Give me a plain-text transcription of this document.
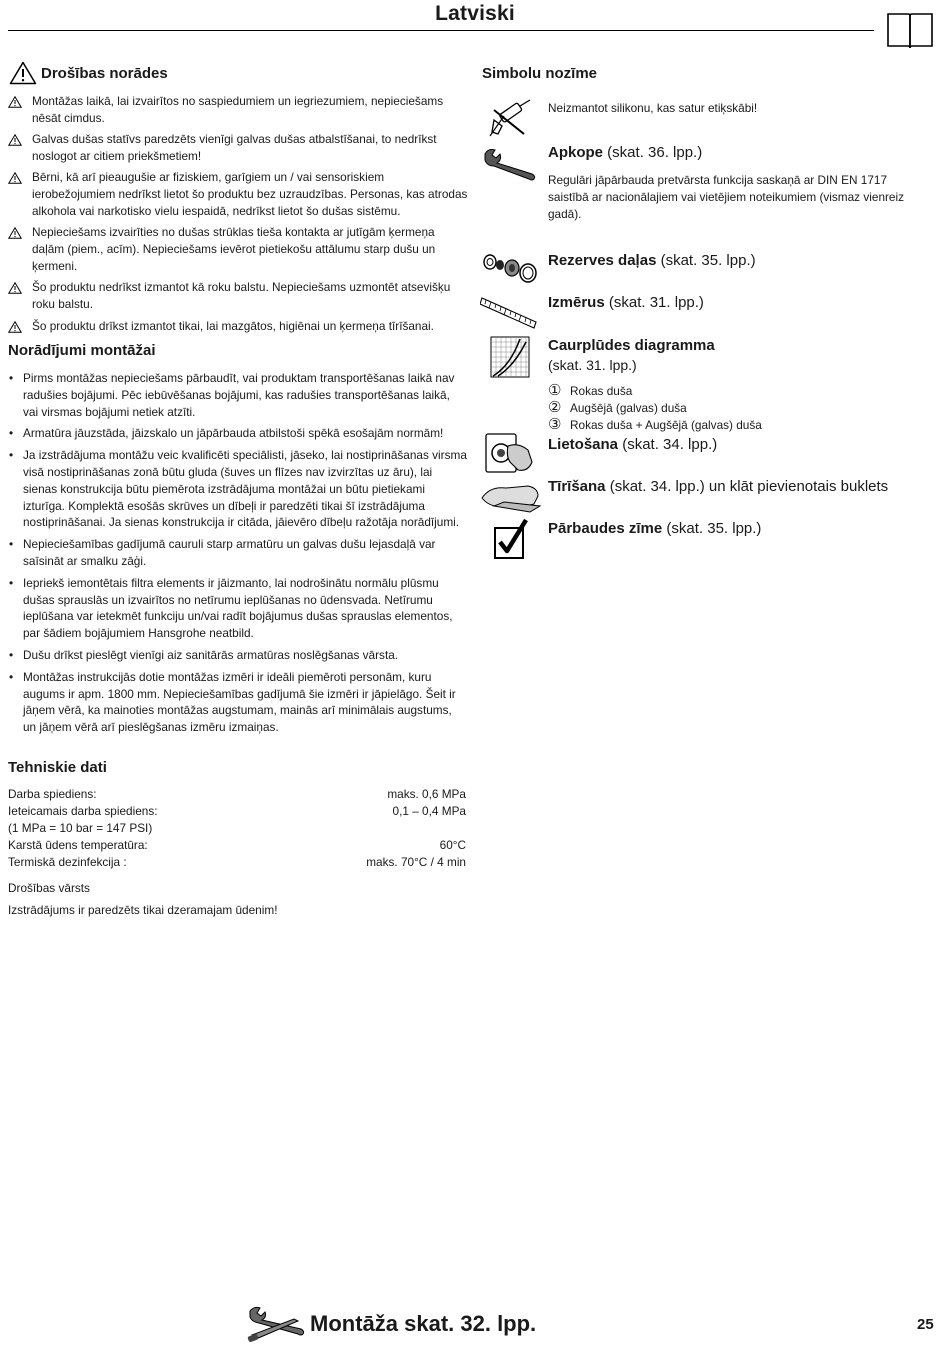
Latviski
Drošības norādes
Montāžas laikā, lai izvairītos no saspiedumiem un iegriezumiem, nepieciešams nēsāt cimdus.
Galvas dušas statīvs paredzēts vienīgi galvas dušas atbalstīšanai, to nedrīkst noslogot ar citiem priekšmetiem!
Bērni, kā arī pieaugušie ar fiziskiem, garīgiem un / vai sensoriskiem ierobežojumiem nedrīkst lietot šo produktu bez uzraudzības. Personas, kas atrodas alkohola vai narkotisko vielu iespaidā, nedrīkst lietot šo dušas sistēmu.
Nepieciešams izvairīties no dušas strūklas tieša kontakta ar jutīgām ķermeņa daļām (piem., acīm). Nepieciešams ievērot pietiekošu attālumu starp dušu un ķermeni.
Šo produktu nedrīkst izmantot kā roku balstu. Nepieciešams uzmontēt atsevišķu roku balstu.
Šo produktu drīkst izmantot tikai, lai mazgātos, higiēnai un ķermeņa tīrīšanai.
Norādījumi montāžai
• Pirms montāžas nepieciešams pārbaudīt, vai produktam transportēšanas laikā nav radušies bojājumi. Pēc iebūvēšanas bojājumi, kas radušies transportēšanas laikā, vai virsmas bojājumi netiek atzīti.
• Armatūra jāuzstāda, jāizskalo un jāpārbauda atbilstoši spēkā esošajām normām!
• Ja izstrādājuma montāžu veic kvalificēti speciālisti, jāseko, lai nostiprināšanas virsma visā nostiprināšanas zonā būtu gluda (šuves un flīzes nav izvirzītas uz āru), lai sienas konstrukcija būtu piemērota izstrādājuma montāžai un būtu pietiekami izturīga. Komplektā esošās skrūves un dībeļi ir paredzēti tikai šī izstrādājuma nostiprināšanai. Ja sienas konstrukcija ir citāda, jāievēro dībeļu ražotāja norādījumi.
• Nepieciešamības gadījumā cauruli starp armatūru un galvas dušu lejasdaļā var saīsināt ar smalku zāģi.
• Iepriekš iemontētais filtra elements ir jāizmanto, lai nodrošinātu normālu plūsmu dušas sprauslās un izvairītos no netīrumu ieplūšanas no ūdensvada. Netīrumu ieplūšana var ietekmēt funkciju un/vai radīt bojājumus dušas sprauslas elementos, par šādiem bojājumiem Hansgrohe neatbild.
• Dušu drīkst pieslēgt vienīgi aiz sanitārās armatūras noslēgšanas vārsta.
• Montāžas instrukcijās dotie montāžas izmēri ir ideāli piemēroti personām, kuru augums ir apm. 1800 mm. Nepieciešamības gadījumā šie izmēri ir jāpielāgo. Šeit ir jāņem vērā, ka mainoties montāžas augstumam, mainās arī minimālais augstums, un jāņem vērā arī pieslēgšanas izmēru izmaiņas.
Tehniskie dati
Darba spiediens:	maks. 0,6 MPa
Ieteicamais darba spiediens:	0,1 – 0,4 MPa
(1 MPa = 10 bar = 147 PSI)
Karstā ūdens temperatūra:	60°C
Termiskā dezinfekcija :	maks. 70°C / 4 min
Drošības vārsts
Izstrādājums ir paredzēts tikai dzeramajam ūdenim!
Simbolu nozīme
Neizmantot silikonu, kas satur etiķskābi!
Apkope (skat. 36. lpp.)
Regulāri jāpārbauda pretvārsta funkcija saskaņā ar DIN EN 1717 saistībā ar nacionālajiem vai vietējiem noteikumiem (vismaz vienreiz gadā).
Rezerves daļas (skat. 35. lpp.)
Izmērus (skat. 31. lpp.)
Caurplūdes diagramma
(skat. 31. lpp.)
① Rokas duša
② Augšējā (galvas) duša
③ Rokas duša + Augšējā (galvas) duša
Lietošana (skat. 34. lpp.)
Tīrīšana (skat. 34. lpp.) un klāt pievienotais buklets
Pārbaudes zīme (skat. 35. lpp.)
Montāža skat. 32. lpp.	25
